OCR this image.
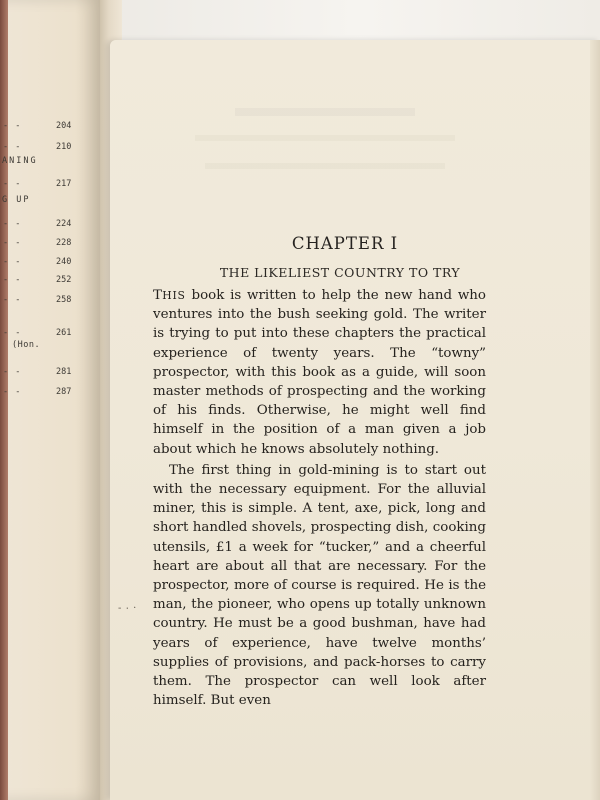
- -	204
- -	210
ANING
- -	217
G UP
- -	224
- -	228
- -	240
- -	252
- -	258
- -	261
(Hon.
- -	281
- -	287
CHAPTER I
THE LIKELIEST COUNTRY TO TRY

THIS book is written to help the new hand who ventures into the bush seeking gold. The writer is trying to put into these chapters the practical experience of twenty years. The “towny” prospector, with this book as a guide, will soon master methods of prospecting and the working of his finds. Otherwise, he might well find himself in the position of a man given a job about which he knows absolutely nothing.

The first thing in gold-mining is to start out with the necessary equipment. For the alluvial miner, this is simple. A tent, axe, pick, long and short handled shovels, prospecting dish, cooking utensils, £1 a week for “tucker,” and a cheerful heart are about all that are necessary. For the prospector, more of course is required. He is the man, the pioneer, who opens up totally unknown country. He must be a good bushman, have had years of experience, have twelve months’ supplies of provisions, and pack-horses to carry them. The prospector can well look after himself. But even

- ٠ ·
